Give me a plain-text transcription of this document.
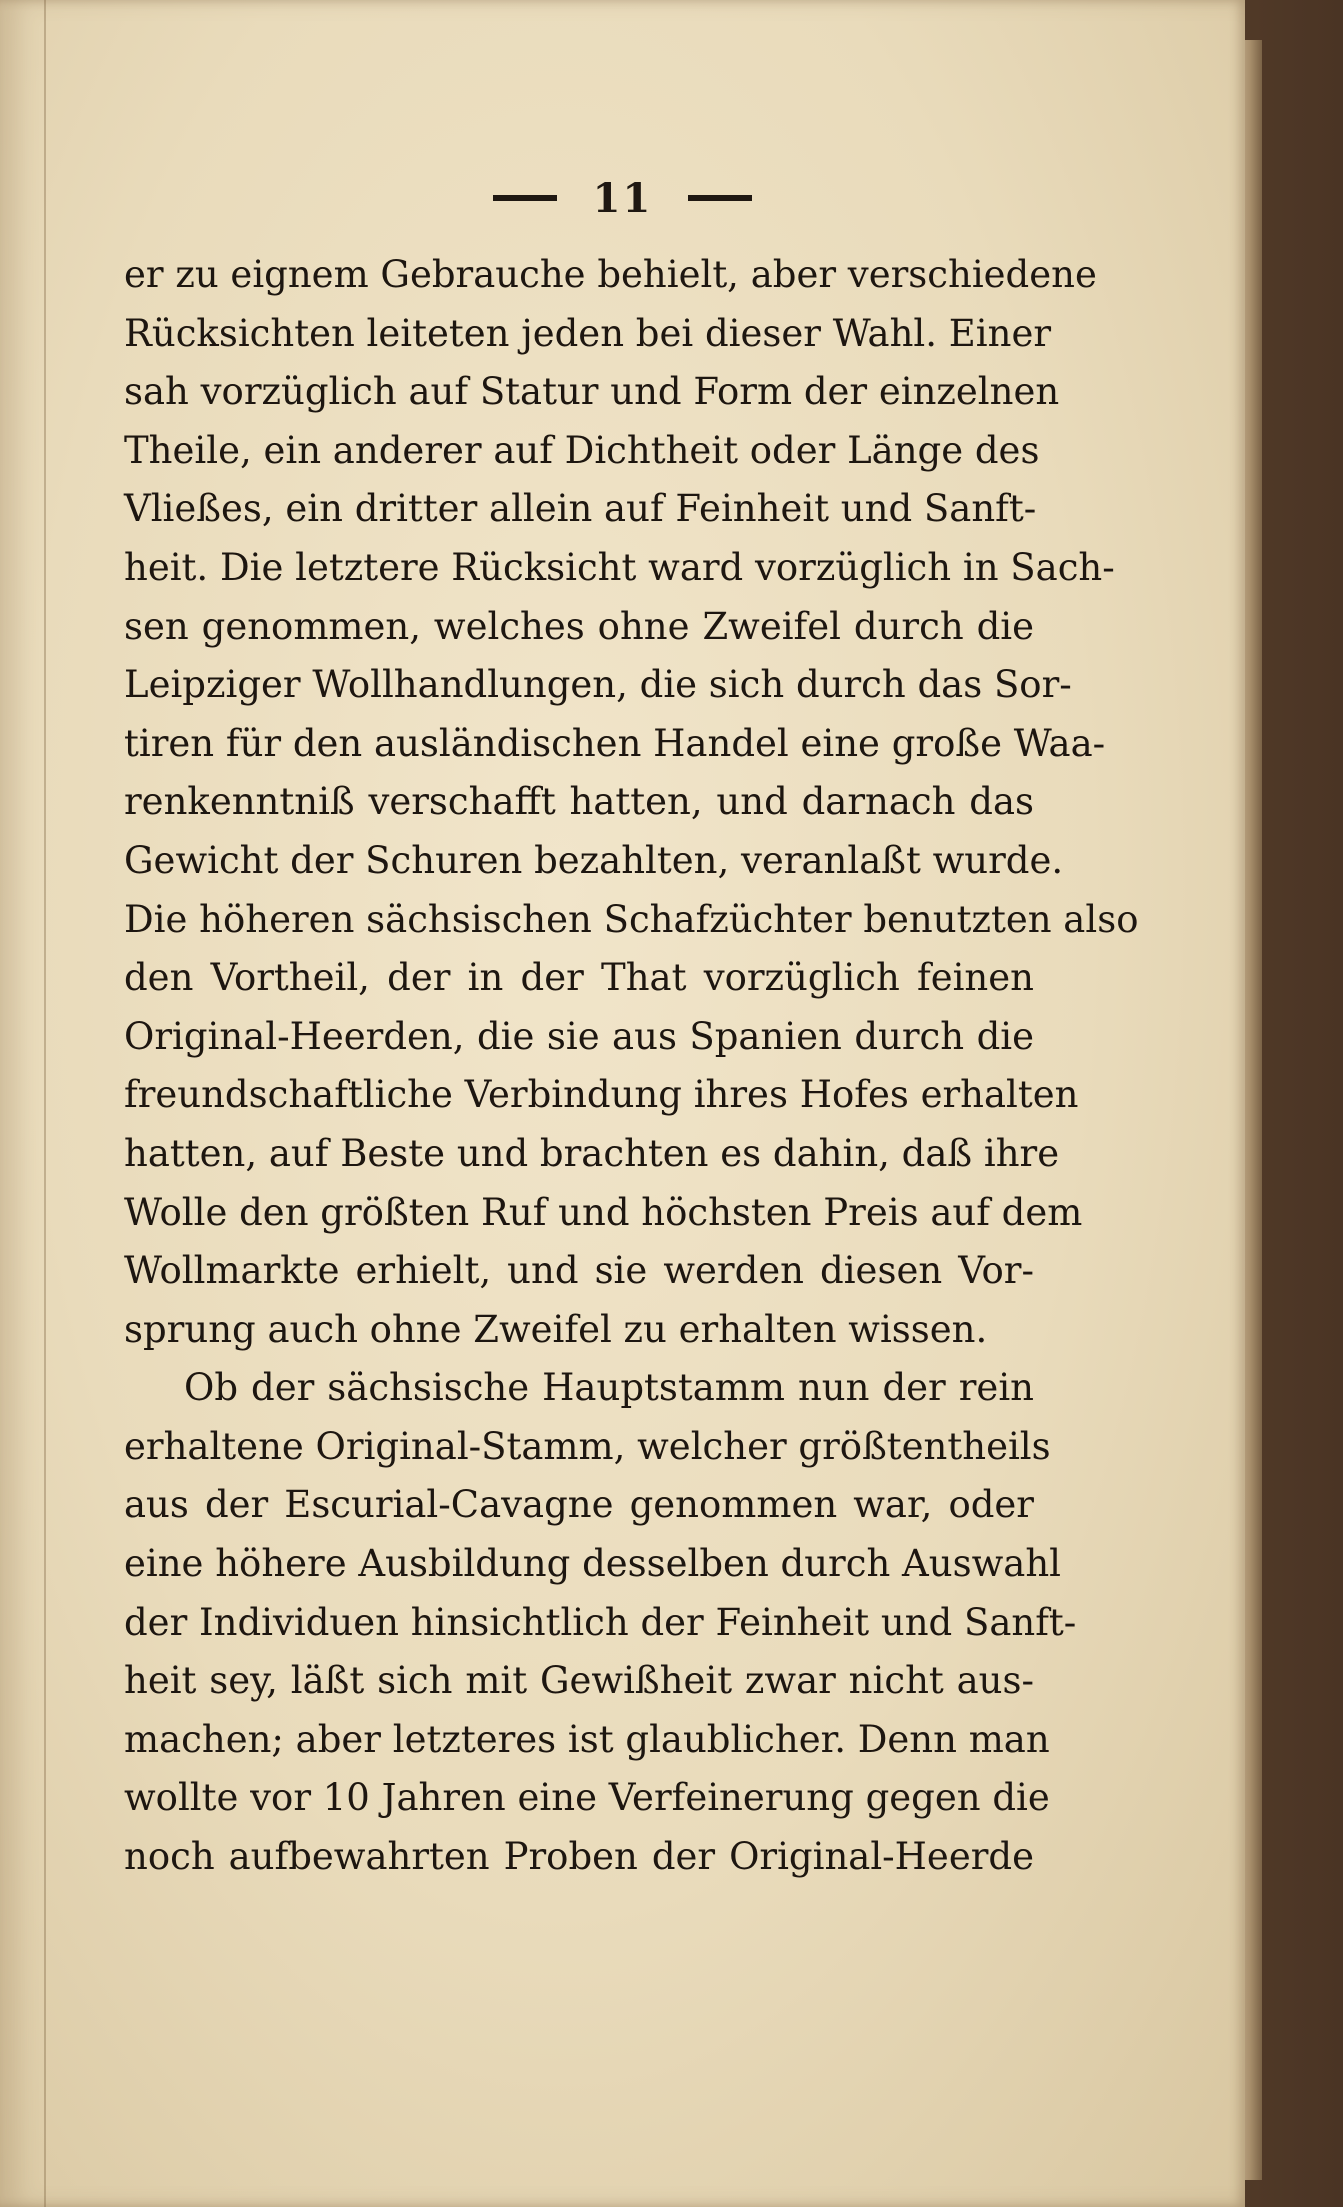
11
er zu eignem Gebrauche behielt, aber verschiedene
Rücksichten leiteten jeden bei dieser Wahl. Einer
sah vorzüglich auf Statur und Form der einzelnen
Theile, ein anderer auf Dichtheit oder Länge des
Vließes, ein dritter allein auf Feinheit und Sanft-
heit. Die letztere Rücksicht ward vorzüglich in Sach-
sen genommen, welches ohne Zweifel durch die
Leipziger Wollhandlungen, die sich durch das Sor-
tiren für den ausländischen Handel eine große Waa-
renkenntniß verschafft hatten, und darnach das
Gewicht der Schuren bezahlten, veranlaßt wurde.
Die höheren sächsischen Schafzüchter benutzten also
den Vortheil, der in der That vorzüglich feinen
Original-Heerden, die sie aus Spanien durch die
freundschaftliche Verbindung ihres Hofes erhalten
hatten, auf Beste und brachten es dahin, daß ihre
Wolle den größten Ruf und höchsten Preis auf dem
Wollmarkte erhielt, und sie werden diesen Vor-
sprung auch ohne Zweifel zu erhalten wissen.
Ob der sächsische Hauptstamm nun der rein
erhaltene Original-Stamm, welcher größtentheils
aus der Escurial-Cavagne genommen war, oder
eine höhere Ausbildung desselben durch Auswahl
der Individuen hinsichtlich der Feinheit und Sanft-
heit sey, läßt sich mit Gewißheit zwar nicht aus-
machen; aber letzteres ist glaublicher. Denn man
wollte vor 10 Jahren eine Verfeinerung gegen die
noch aufbewahrten Proben der Original-Heerde
